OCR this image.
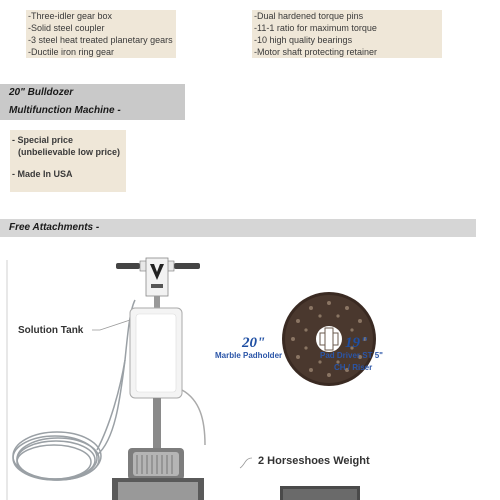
-Three-idler gear box
-Solid steel coupler
-3 steel heat treated planetary gears
-Ductile iron ring gear
-Dual hardened torque pins
-11-1 ratio for maximum torque
-10 high quality bearings
-Motor shaft protecting retainer
20" Bulldozer
Multifunction Machine -
- Special price
(unbelievable low price)
- Made In USA
Free Attachments -
Solution Tank
20"
Marble Padholder
19"
Pad Driver ST 5"
CH / Riser
2 Horseshoes Weight
